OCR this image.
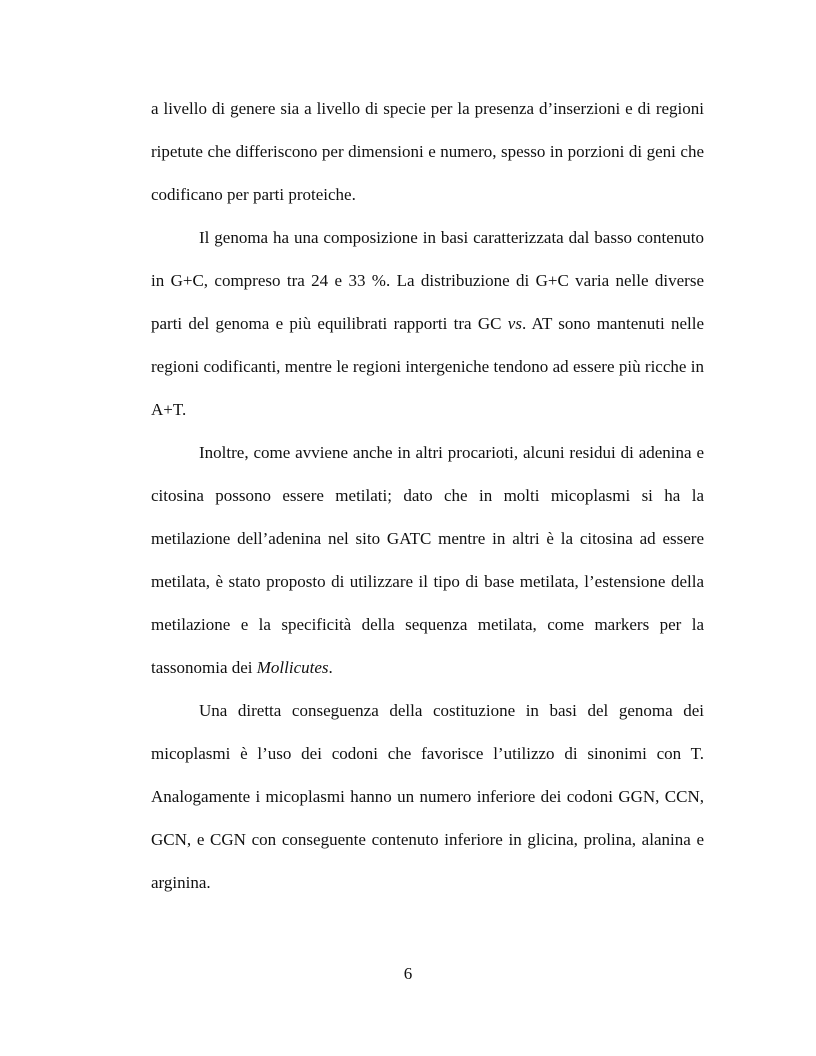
a livello di genere sia a livello di specie per la presenza d’inserzioni e di regioni ripetute che differiscono per dimensioni e numero, spesso in porzioni di geni che codificano per parti proteiche.

Il genoma ha una composizione in basi caratterizzata dal basso contenuto in G+C, compreso tra 24 e 33 %. La distribuzione di G+C varia nelle diverse parti del genoma e più equilibrati rapporti tra GC vs. AT sono mantenuti nelle regioni codificanti, mentre le regioni intergeniche tendono ad essere più ricche in A+T.

Inoltre, come avviene anche in altri procarioti, alcuni residui di adenina e citosina possono essere metilati; dato che in molti micoplasmi si ha la metilazione dell’adenina nel sito GATC mentre in altri è la citosina ad essere metilata, è stato proposto di utilizzare il tipo di base metilata, l’estensione della metilazione e la specificità della sequenza metilata, come markers per la tassonomia dei Mollicutes.

Una diretta conseguenza della costituzione in basi del genoma dei micoplasmi è l’uso dei codoni che favorisce l’utilizzo di sinonimi con T. Analogamente i micoplasmi hanno un numero inferiore dei codoni GGN, CCN, GCN, e CGN con conseguente contenuto inferiore in glicina, prolina, alanina e arginina.

6
